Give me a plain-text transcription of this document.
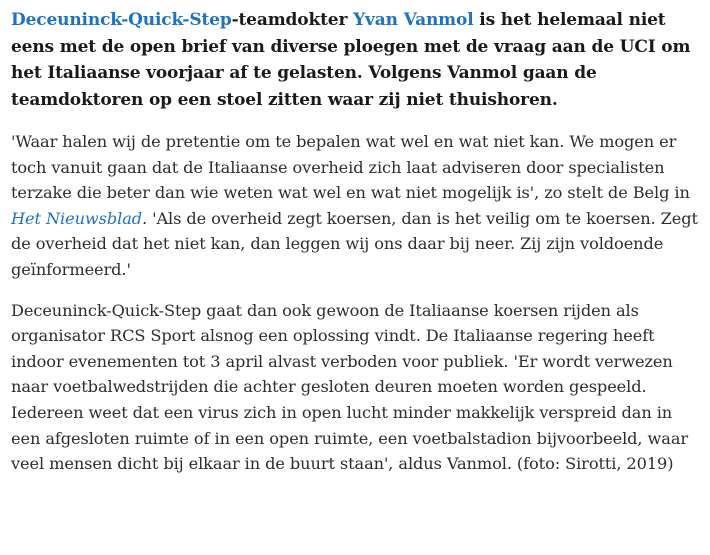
Deceuninck-Quick-Step-teamdokter Yvan Vanmol is het helemaal niet eens met de open brief van diverse ploegen met de vraag aan de UCI om het Italiaanse voorjaar af te gelasten. Volgens Vanmol gaan de teamdoktoren op een stoel zitten waar zij niet thuishoren.

'Waar halen wij de pretentie om te bepalen wat wel en wat niet kan. We mogen er toch vanuit gaan dat de Italiaanse overheid zich laat adviseren door specialisten terzake die beter dan wie weten wat wel en wat niet mogelijk is', zo stelt de Belg in Het Nieuwsblad. 'Als de overheid zegt koersen, dan is het veilig om te koersen. Zegt de overheid dat het niet kan, dan leggen wij ons daar bij neer. Zij zijn voldoende geïnformeerd.'

Deceuninck-Quick-Step gaat dan ook gewoon de Italiaanse koersen rijden als organisator RCS Sport alsnog een oplossing vindt. De Italiaanse regering heeft indoor evenementen tot 3 april alvast verboden voor publiek. 'Er wordt verwezen naar voetbalwedstrijden die achter gesloten deuren moeten worden gespeeld. Iedereen weet dat een virus zich in open lucht minder makkelijk verspreid dan in een afgesloten ruimte of in een open ruimte, een voetbalstadion bijvoorbeeld, waar veel mensen dicht bij elkaar in de buurt staan', aldus Vanmol. (foto: Sirotti, 2019)
